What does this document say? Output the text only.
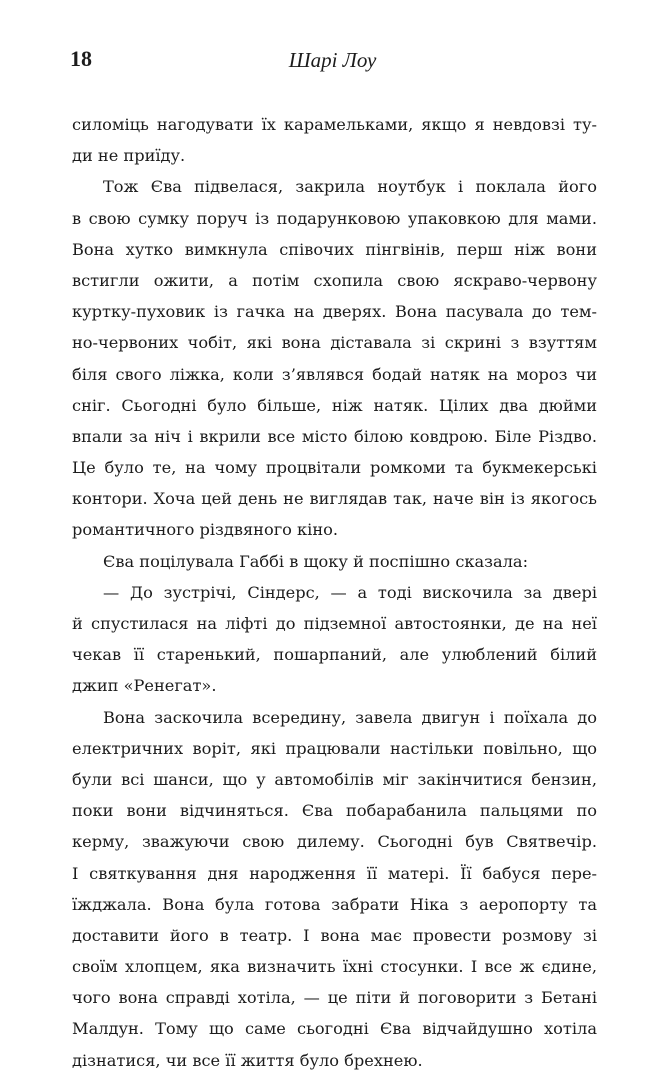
18	Шарі Лоу
силоміць нагодувати їх карамельками, якщо я невдовзі ту-
ди не приїду.
Тож Єва підвелася, закрила ноутбук і поклала його
в свою сумку поруч із подарунковою упаковкою для мами.
Вона хутко вимкнула співочих пінгвінів, перш ніж вони
встигли ожити, а потім схопила свою яскраво-червону
куртку-пуховик із гачка на дверях. Вона пасувала до тем-
но-червоних чобіт, які вона діставала зі скрині з взуттям
біля свого ліжка, коли з’являвся бодай натяк на мороз чи
сніг. Сьогодні було більше, ніж натяк. Цілих два дюйми
впали за ніч і вкрили все місто білою ковдрою. Біле Різдво.
Це було те, на чому процвітали ромкоми та букмекерські
контори. Хоча цей день не виглядав так, наче він із якогось
романтичного різдвяного кіно.
Єва поцілувала Габбі в щоку й поспішно сказала:
— До зустрічі, Сіндерс, — а тоді вискочила за двері
й спустилася на ліфті до підземної автостоянки, де на неї
чекав її старенький, пошарпаний, але улюблений білий
джип «Ренегат».
Вона заскочила всередину, завела двигун і поїхала до
електричних воріт, які працювали настільки повільно, що
були всі шанси, що у автомобілів міг закінчитися бензин,
поки вони відчиняться. Єва побарабанила пальцями по
керму, зважуючи свою дилему. Сьогодні був Святвечір.
І святкування дня народження її матері. Її бабуся пере-
їжджала. Вона була готова забрати Ніка з аеропорту та
доставити його в театр. І вона має провести розмову зі
своїм хлопцем, яка визначить їхні стосунки. І все ж єдине,
чого вона справді хотіла, — це піти й поговорити з Бетані
Малдун. Тому що саме сьогодні Єва відчайдушно хотіла
дізнатися, чи все її життя було брехнею.
